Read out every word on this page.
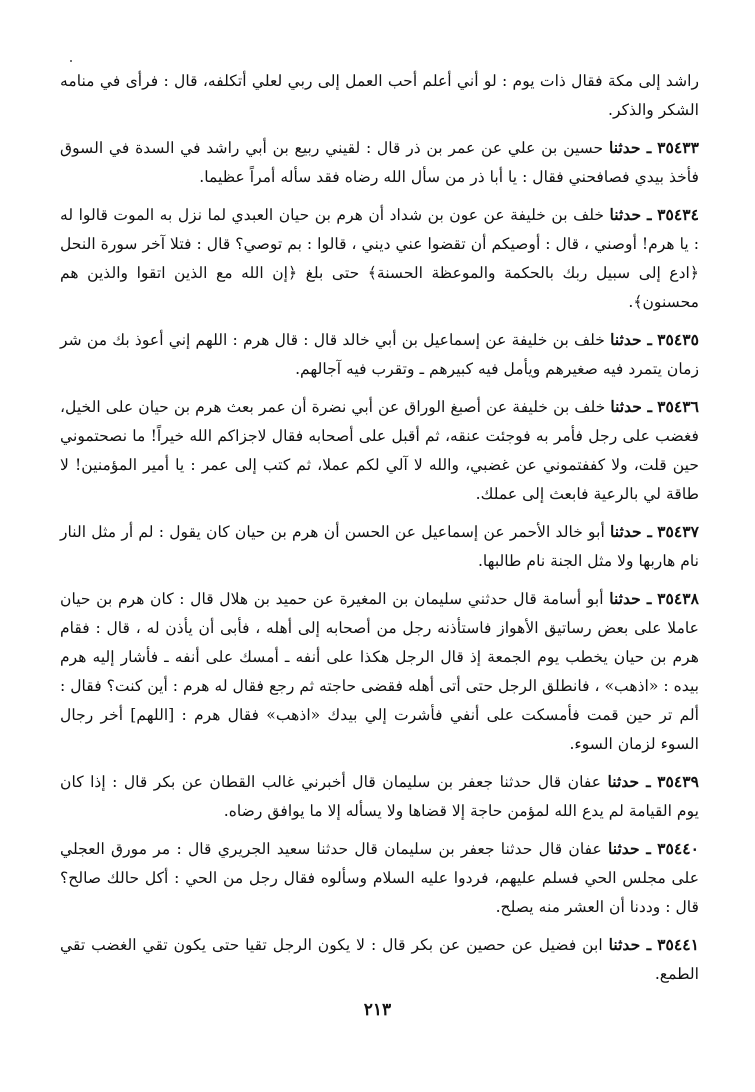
راشد إلى مكة فقال ذات يوم : لو أني أعلم أحب العمل إلى ربي لعلي أتكلفه، قال : فرأى في منامه الشكر والذكر.

٣٥٤٣٣ ـ حدثنا حسين بن علي عن عمر بن ذر قال : لقيني ربيع بن أبي راشد في السدة في السوق فأخذ بيدي فصافحني فقال : يا أبا ذر من سأل الله رضاه فقد سأله أمراً عظيما.

٣٥٤٣٤ ـ حدثنا خلف بن خليفة عن عون بن شداد أن هرم بن حيان العبدي لما نزل به الموت قالوا له : يا هرم! أوصني ، قال : أوصيكم أن تقضوا عني ديني ، قالوا : بم توصي؟ قال : فتلا آخر سورة النحل ﴿ادع إلى سبيل ربك بالحكمة والموعظة الحسنة﴾ حتى بلغ ﴿إن الله مع الذين اتقوا والذين هم محسنون﴾.

٣٥٤٣٥ ـ حدثنا خلف بن خليفة عن إسماعيل بن أبي خالد قال : قال هرم : اللهم إني أعوذ بك من شر زمان يتمرد فيه صغيرهم ويأمل فيه كبيرهم ـ وتقرب فيه آجالهم.

٣٥٤٣٦ ـ حدثنا خلف بن خليفة عن أصبغ الوراق عن أبي نضرة أن عمر بعث هرم بن حيان على الخيل، فغضب على رجل فأمر به فوجئت عنقه، ثم أقبل على أصحابه فقال لاجزاكم الله خيراً! ما نصحتموني حين قلت، ولا كففتموني عن غضبي، والله لا آلي لكم عملا، ثم كتب إلى عمر : يا أمير المؤمنين! لا طاقة لي بالرعية فابعث إلى عملك.

٣٥٤٣٧ ـ حدثنا أبو خالد الأحمر عن إسماعيل عن الحسن أن هرم بن حيان كان يقول : لم أر مثل النار نام هاربها ولا مثل الجنة نام طالبها.

٣٥٤٣٨ ـ حدثنا أبو أسامة قال حدثني سليمان بن المغيرة عن حميد بن هلال قال : كان هرم بن حيان عاملا على بعض رساتيق الأهواز فاستأذنه رجل من أصحابه إلى أهله ، فأبى أن يأذن له ، قال : فقام هرم بن حيان يخطب يوم الجمعة إذ قال الرجل هكذا على أنفه ـ أمسك على أنفه ـ فأشار إليه هرم بيده : «اذهب» ، فانطلق الرجل حتى أتى أهله فقضى حاجته ثم رجع فقال له هرم : أين كنت؟ فقال : ألم تر حين قمت فأمسكت على أنفي فأشرت إلي بيدك «اذهب» فقال هرم : [اللهم] أخر رجال السوء لزمان السوء.

٣٥٤٣٩ ـ حدثنا عفان قال حدثنا جعفر بن سليمان قال أخبرني غالب القطان عن بكر قال : إذا كان يوم القيامة لم يدع الله لمؤمن حاجة إلا قضاها ولا يسأله إلا ما يوافق رضاه.

٣٥٤٤٠ ـ حدثنا عفان قال حدثنا جعفر بن سليمان قال حدثنا سعيد الجريري قال : مر مورق العجلي على مجلس الحي فسلم عليهم، فردوا عليه السلام وسألوه فقال رجل من الحي : أكل حالك صالح؟ قال : وددنا أن العشر منه يصلح.

٣٥٤٤١ ـ حدثنا ابن فضيل عن حصين عن بكر قال : لا يكون الرجل تقيا حتى يكون تقي الغضب تقي الطمع.

٢١٣
